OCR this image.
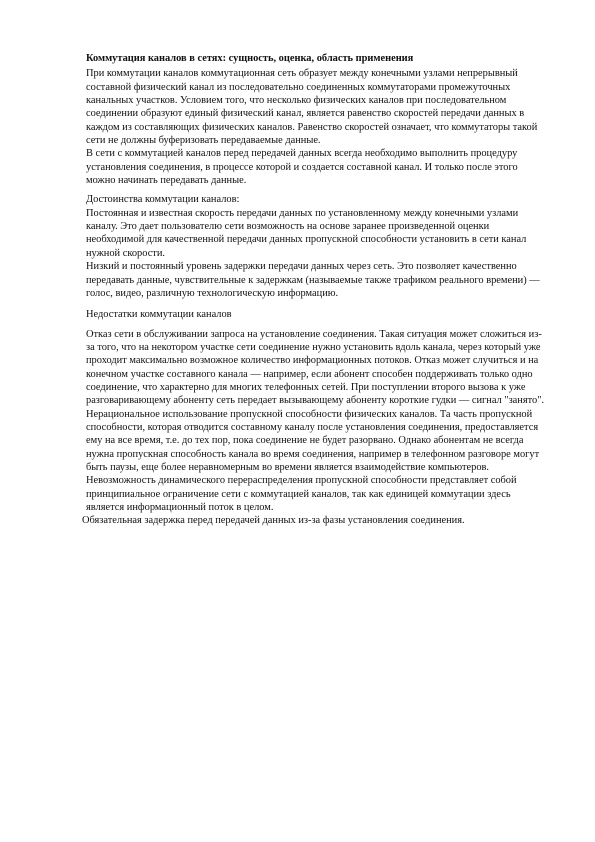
Коммутация каналов в сетях: сущность, оценка, область применения

При коммутации каналов коммутационная сеть образует между конечными узлами непрерывный составной физический канал из последовательно соединенных коммутаторами промежуточных канальных участков. Условием того, что несколько физических каналов при последовательном соединении образуют единый физический канал, является равенство скоростей передачи данных в каждом из составляющих физических каналов. Равенство скоростей означает, что коммутаторы такой сети не должны буферизовать передаваемые данные.

В сети с коммутацией каналов перед передачей данных всегда необходимо выполнить процедуру установления соединения, в процессе которой и создается составной канал. И только после этого можно начинать передавать данные.

Достоинства коммутации каналов:

Постоянная и известная скорость передачи данных по установленному между конечными узлами каналу. Это дает пользователю сети возможность на основе заранее произведенной оценки необходимой для качественной передачи данных пропускной способности установить в сети канал нужной скорости.

Низкий и постоянный уровень задержки передачи данных через сеть. Это позволяет качественно передавать данные, чувствительные к задержкам (называемые также трафиком реального времени) — голос, видео, различную технологическую информацию.

Недостатки коммутации каналов

Отказ сети в обслуживании запроса на установление соединения. Такая ситуация может сложиться из-за того, что на некотором участке сети соединение нужно установить вдоль канала, через который уже проходит максимально возможное количество информационных потоков. Отказ может случиться и на конечном участке составного канала — например, если абонент способен поддерживать только одно соединение, что характерно для многих телефонных сетей. При поступлении второго вызова к уже разговаривающему абоненту сеть передает вызывающему абоненту короткие гудки — сигнал "занято".

Нерациональное использование пропускной способности физических каналов. Та часть пропускной способности, которая отводится составному каналу после установления соединения, предоставляется ему на все время, т.е. до тех пор, пока соединение не будет разорвано. Однако абонентам не всегда нужна пропускная способность канала во время соединения, например в телефонном разговоре могут быть паузы, еще более неравномерным во времени является взаимодействие компьютеров. Невозможность динамического перераспределения пропускной способности представляет собой принципиальное ограничение сети с коммутацией каналов, так как единицей коммутации здесь является информационный поток в целом.

Обязательная задержка перед передачей данных из-за фазы установления соединения.
